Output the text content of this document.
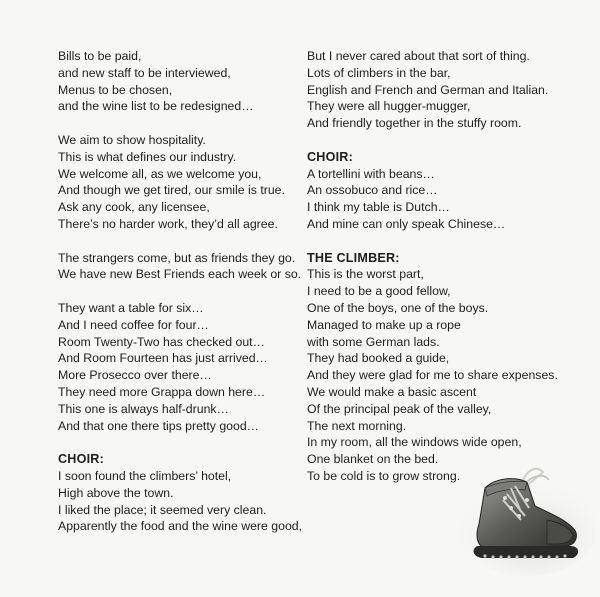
Bills to be paid,
and new staff to be interviewed,
Menus to be chosen,
and the wine list to be redesigned…
We aim to show hospitality.
This is what defines our industry.
We welcome all, as we welcome you,
And though we get tired, our smile is true.
Ask any cook, any licensee,
There’s no harder work, they’d all agree.
The strangers come, but as friends they go.
We have new Best Friends each week or so.
They want a table for six…
And I need coffee for four…
Room Twenty-Two has checked out…
And Room Fourteen has just arrived…
More Prosecco over there…
They need more Grappa down here…
This one is always half-drunk…
And that one there tips pretty good…
CHOIR:
I soon found the climbers’ hotel,
High above the town.
I liked the place; it seemed very clean.
Apparently the food and the wine were good,
But I never cared about that sort of thing.
Lots of climbers in the bar,
English and French and German and Italian.
They were all hugger-mugger,
And friendly together in the stuffy room.
CHOIR:
A tortellini with beans…
An ossobuco and rice…
I think my table is Dutch…
And mine can only speak Chinese…
THE CLIMBER:
This is the worst part,
I need to be a good fellow,
One of the boys, one of the boys.
Managed to make up a rope
with some German lads.
They had booked a guide,
And they were glad for me to share expenses.
We would make a basic ascent
Of the principal peak of the valley,
The next morning.
In my room, all the windows wide open,
One blanket on the bed.
To be cold is to grow strong.
